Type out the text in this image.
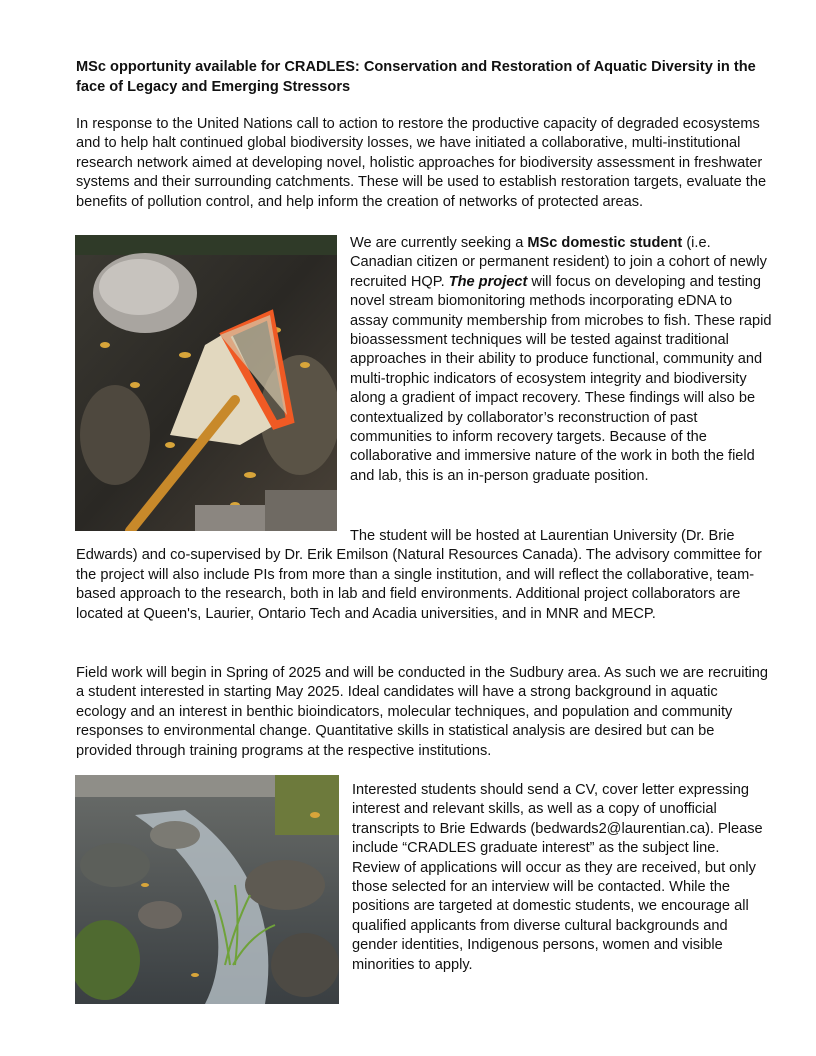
MSc opportunity available for CRADLES: Conservation and Restoration of Aquatic Diversity in the face of Legacy and Emerging Stressors
In response to the United Nations call to action to restore the productive capacity of degraded ecosystems and to help halt continued global biodiversity losses, we have initiated a collaborative, multi-institutional research network aimed at developing novel, holistic approaches for biodiversity assessment in freshwater systems and their surrounding catchments. These will be used to establish restoration targets, evaluate the benefits of pollution control, and help inform the creation of networks of protected areas.
We are currently seeking a MSc domestic student (i.e. Canadian citizen or permanent resident) to join a cohort of newly recruited HQP. The project will focus on developing and testing novel stream biomonitoring methods incorporating eDNA to assay community membership from microbes to fish. These rapid bioassessment techniques will be tested against traditional approaches in their ability to produce functional, community and multi-trophic indicators of ecosystem integrity and biodiversity along a gradient of impact recovery. These findings will also be contextualized by collaborator’s reconstruction of past communities to inform recovery targets. Because of the collaborative and immersive nature of the work in both the field and lab, this is an in-person graduate position.
The student will be hosted at Laurentian University (Dr. Brie
Edwards) and co-supervised by Dr. Erik Emilson (Natural Resources Canada). The advisory committee for the project will also include PIs from more than a single institution, and will reflect the collaborative, team-based approach to the research, both in lab and field environments. Additional project collaborators are located at Queen's, Laurier, Ontario Tech and Acadia universities, and in MNR and MECP.
Field work will begin in Spring of 2025 and will be conducted in the Sudbury area. As such we are recruiting a student interested in starting May 2025. Ideal candidates will have a strong background in aquatic ecology and an interest in benthic bioindicators, molecular techniques, and population and community responses to environmental change. Quantitative skills in statistical analysis are desired but can be provided through training programs at the respective institutions.
Interested students should send a CV, cover letter expressing interest and relevant skills, as well as a copy of unofficial transcripts to Brie Edwards (bedwards2@laurentian.ca). Please include “CRADLES graduate interest” as the subject line. Review of applications will occur as they are received, but only those selected for an interview will be contacted. While the positions are targeted at domestic students, we encourage all qualified applicants from diverse cultural backgrounds and gender identities, Indigenous persons, women and visible minorities to apply.
